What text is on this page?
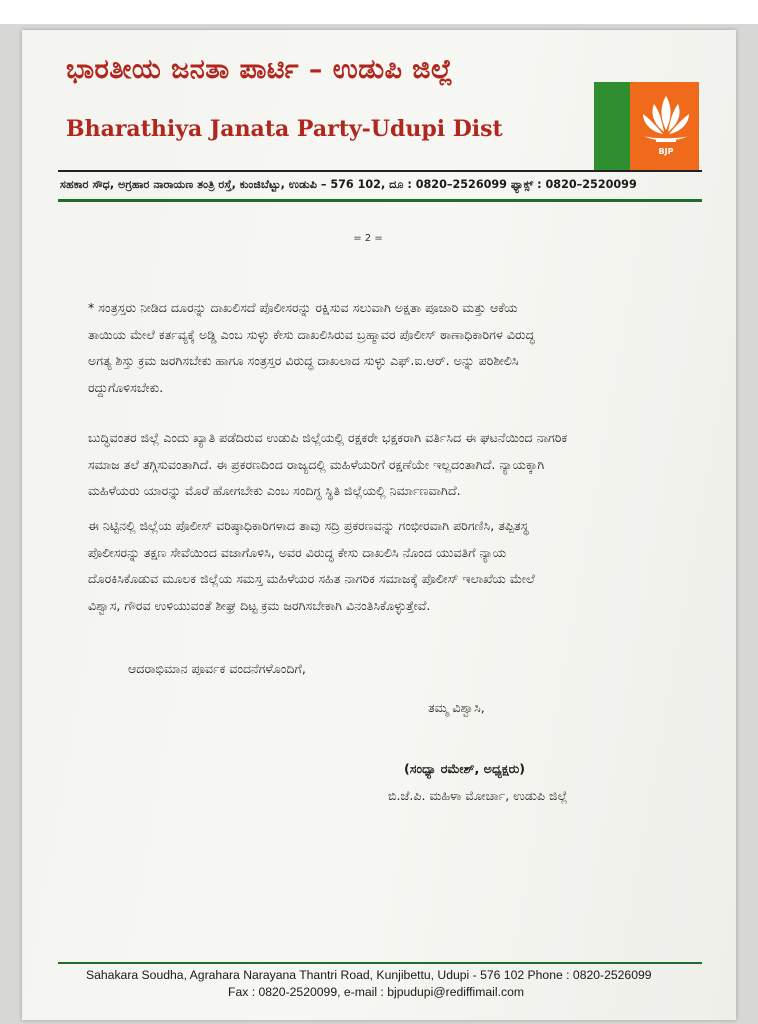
ಭಾರತೀಯ ಜನತಾ ಪಾರ್ಟಿ – ಉಡುಪಿ ಜಿಲ್ಲೆ
Bharathiya Janata Party-Udupi Dist
BJP
ಸಹಕಾರ ಸೌಧ, ಅಗ್ರಹಾರ ನಾರಾಯಣ ತಂತ್ರಿ ರಸ್ತೆ, ಕುಂಜಿಬೆಟ್ಟು, ಉಡುಪಿ – 576 102, ದೂ : 0820–2526099 ಫ್ಯಾಕ್ಸ್ : 0820–2520099
= 2 =
* ಸಂತ್ರಸ್ತರು ನೀಡಿದ ದೂರನ್ನು ದಾಖಲಿಸದೆ ಪೊಲೀಸರನ್ನು ರಕ್ಷಿಸುವ ಸಲುವಾಗಿ ಅಕ್ಷತಾ ಪೂಜಾರಿ ಮತ್ತು ಆಕೆಯ
ತಾಯಿಯ ಮೇಲೆ ಕರ್ತವ್ಯಕ್ಕೆ ಅಡ್ಡಿ ಎಂಬ ಸುಳ್ಳು ಕೇಸು ದಾಖಲಿಸಿರುವ ಬ್ರಹ್ಮಾವರ ಪೊಲೀಸ್ ಠಾಣಾಧಿಕಾರಿಗಳ ವಿರುದ್ಧ
ಅಗತ್ಯ ಶಿಸ್ತು ಕ್ರಮ ಜರಗಿಸಬೇಕು ಹಾಗೂ ಸಂತ್ರಸ್ತರ ವಿರುದ್ಧ ದಾಖಲಾದ ಸುಳ್ಳು ಎಫ್.ಐ.ಆರ್. ಅನ್ನು ಪರಿಶೀಲಿಸಿ
ರದ್ದುಗೊಳಿಸಬೇಕು.
ಬುದ್ಧಿವಂತರ ಜಿಲ್ಲೆ ಎಂದು ಖ್ಯಾತಿ ಪಡೆದಿರುವ ಉಡುಪಿ ಜಿಲ್ಲೆಯಲ್ಲಿ ರಕ್ಷಕರೇ ಭಕ್ಷಕರಾಗಿ ವರ್ತಿಸಿದ ಈ ಘಟನೆಯಿಂದ ನಾಗರಿಕ
ಸಮಾಜ ತಲೆ ತಗ್ಗಿಸುವಂತಾಗಿದೆ. ಈ ಪ್ರಕರಣದಿಂದ ರಾಜ್ಯದಲ್ಲಿ ಮಹಿಳೆಯರಿಗೆ ರಕ್ಷಣೆಯೇ ಇಲ್ಲದಂತಾಗಿದೆ. ನ್ಯಾಯಕ್ಕಾಗಿ
ಮಹಿಳೆಯರು ಯಾರನ್ನು ಮೊರೆ ಹೋಗಬೇಕು ಎಂಬ ಸಂದಿಗ್ಧ ಸ್ಥಿತಿ ಜಿಲ್ಲೆಯಲ್ಲಿ ನಿರ್ಮಾಣವಾಗಿದೆ.
ಈ ನಿಟ್ಟಿನಲ್ಲಿ ಜಿಲ್ಲೆಯ ಪೊಲೀಸ್ ವರಿಷ್ಠಾಧಿಕಾರಿಗಳಾದ ತಾವು ಸದ್ರಿ ಪ್ರಕರಣವನ್ನು ಗಂಭೀರವಾಗಿ ಪರಿಗಣಿಸಿ, ತಪ್ಪಿತಸ್ಥ
ಪೊಲೀಸರನ್ನು ತಕ್ಷಣ ಸೇವೆಯಿಂದ ವಜಾಗೊಳಿಸಿ, ಅವರ ವಿರುದ್ಧ ಕೇಸು ದಾಖಲಿಸಿ ನೊಂದ ಯುವತಿಗೆ ನ್ಯಾಯ
ದೊರಕಿಸಿಕೊಡುವ ಮೂಲಕ ಜಿಲ್ಲೆಯ ಸಮಸ್ತ ಮಹಿಳೆಯರ ಸಹಿತ ನಾಗರಿಕ ಸಮಾಜಕ್ಕೆ ಪೊಲೀಸ್ ಇಲಾಖೆಯ ಮೇಲೆ
ವಿಶ್ವಾಸ, ಗೌರವ ಉಳಿಯುವಂತೆ ಶೀಘ್ರ ದಿಟ್ಟ ಕ್ರಮ ಜರಗಿಸಬೇಕಾಗಿ ವಿನಂತಿಸಿಕೊಳ್ಳುತ್ತೇವೆ.
ಆದರಾಭಿಮಾನ ಪೂರ್ವಕ ವಂದನೆಗಳೊಂದಿಗೆ,
ತಮ್ಮ ವಿಶ್ವಾಸಿ,
(ಸಂಧ್ಯಾ ರಮೇಶ್, ಅಧ್ಯಕ್ಷರು)
ಬಿ.ಜೆ.ಪಿ. ಮಹಿಳಾ ಮೋರ್ಚಾ, ಉಡುಪಿ ಜಿಲ್ಲೆ
Sahakara Soudha, Agrahara Narayana Thantri Road, Kunjibettu, Udupi - 576 102 Phone : 0820-2526099
Fax : 0820-2520099, e-mail : bjpudupi@rediffimail.com
